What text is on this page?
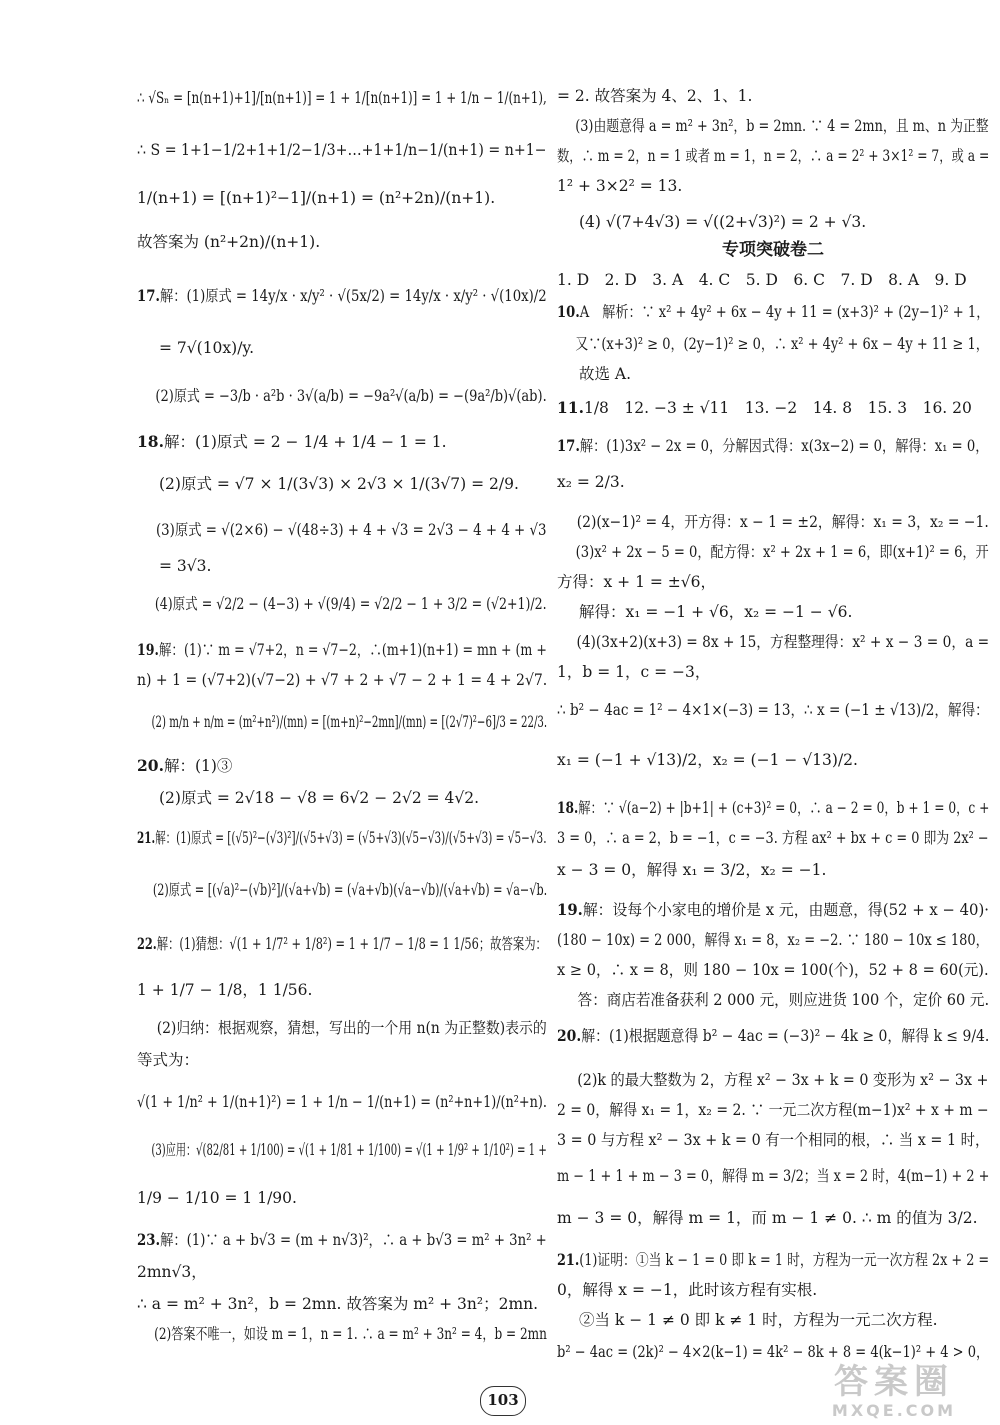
∴ √Sₙ = [n(n+1)+1]/[n(n+1)] = 1 + 1/[n(n+1)] = 1 + 1/n − 1/(n+1),
∴ S = 1+1−1/2+1+1/2−1/3+…+1+1/n−1/(n+1) = n+1−
1/(n+1) = [(n+1)²−1]/(n+1) = (n²+2n)/(n+1).
故答案为 (n²+2n)/(n+1).
17.解：(1)原式 = 14y/x · x/y² · √(5x/2) = 14y/x · x/y² · √(10x)/2
= 7√(10x)/y.
(2)原式 = −3/b · a²b · 3√(a/b) = −9a²√(a/b) = −(9a²/b)√(ab).
18.解：(1)原式 = 2 − 1/4 + 1/4 − 1 = 1.
(2)原式 = √7 × 1/(3√3) × 2√3 × 1/(3√7) = 2/9.
(3)原式 = √(2×6) − √(48÷3) + 4 + √3 = 2√3 − 4 + 4 + √3
= 3√3.
(4)原式 = √2/2 − (4−3) + √(9/4) = √2/2 − 1 + 3/2 = (√2+1)/2.
19.解：(1)∵ m = √7+2，n = √7−2，∴(m+1)(n+1) = mn + (m +
n) + 1 = (√7+2)(√7−2) + √7 + 2 + √7 − 2 + 1 = 4 + 2√7.
(2) m/n + n/m = (m²+n²)/(mn) = [(m+n)²−2mn]/(mn) = [(2√7)²−6]/3 = 22/3.
20.解：(1)③
(2)原式 = 2√18 − √8 = 6√2 − 2√2 = 4√2.
21.解：(1)原式 = [(√5)²−(√3)²]/(√5+√3) = (√5+√3)(√5−√3)/(√5+√3) = √5−√3.
(2)原式 = [(√a)²−(√b)²]/(√a+√b) = (√a+√b)(√a−√b)/(√a+√b) = √a−√b.
22.解：(1)猜想：√(1 + 1/7² + 1/8²) = 1 + 1/7 − 1/8 = 1 1/56；故答案为：
1 + 1/7 − 1/8，1 1/56.
(2)归纳：根据观察，猜想，写出的一个用 n(n 为正整数)表示的
等式为：
√(1 + 1/n² + 1/(n+1)²) = 1 + 1/n − 1/(n+1) = (n²+n+1)/(n²+n).
(3)应用：√(82/81 + 1/100) = √(1 + 1/81 + 1/100) = √(1 + 1/9² + 1/10²) = 1 +
1/9 − 1/10 = 1 1/90.
23.解：(1)∵ a + b√3 = (m + n√3)²，∴ a + b√3 = m² + 3n² +
2mn√3，
∴ a = m² + 3n²，b = 2mn. 故答案为 m² + 3n²；2mn.
(2)答案不唯一，如设 m = 1，n = 1. ∴ a = m² + 3n² = 4，b = 2mn
专项突破卷二
= 2. 故答案为 4、2、1、1.
(3)由题意得 a = m² + 3n²，b = 2mn. ∵ 4 = 2mn，且 m、n 为正整
数，∴ m = 2，n = 1 或者 m = 1，n = 2，∴ a = 2² + 3×1² = 7，或 a =
1² + 3×2² = 13.
(4) √(7+4√3) = √((2+√3)²) = 2 + √3.
1. D　2. D　3. A　4. C　5. D　6. C　7. D　8. A　9. D
10.A　解析：∵ x² + 4y² + 6x − 4y + 11 = (x+3)² + (2y−1)² + 1，
又∵(x+3)² ≥ 0，(2y−1)² ≥ 0，∴ x² + 4y² + 6x − 4y + 11 ≥ 1，
故选 A.
11.1/8　12. −3 ± √11　13. −2　14. 8　15. 3　16. 20
17.解：(1)3x² − 2x = 0，分解因式得：x(3x−2) = 0，解得：x₁ = 0，
x₂ = 2/3.
(2)(x−1)² = 4，开方得：x − 1 = ±2，解得：x₁ = 3，x₂ = −1.
(3)x² + 2x − 5 = 0，配方得：x² + 2x + 1 = 6，即(x+1)² = 6，开
方得：x + 1 = ±√6，
解得：x₁ = −1 + √6，x₂ = −1 − √6.
(4)(3x+2)(x+3) = 8x + 15，方程整理得：x² + x − 3 = 0，a =
1，b = 1，c = −3，
∴ b² − 4ac = 1² − 4×1×(−3) = 13，∴ x = (−1 ± √13)/2，解得：
x₁ = (−1 + √13)/2，x₂ = (−1 − √13)/2.
18.解：∵ √(a−2) + |b+1| + (c+3)² = 0，∴ a − 2 = 0，b + 1 = 0，c +
3 = 0，∴ a = 2，b = −1，c = −3. 方程 ax² + bx + c = 0 即为 2x² −
x − 3 = 0，解得 x₁ = 3/2，x₂ = −1.
19.解：设每个小家电的增价是 x 元，由题意，得(52 + x − 40)·
(180 − 10x) = 2 000，解得 x₁ = 8，x₂ = −2. ∵ 180 − 10x ≤ 180，
x ≥ 0，∴ x = 8，则 180 − 10x = 100(个)，52 + 8 = 60(元).
答：商店若准备获利 2 000 元，则应进货 100 个，定价 60 元.
20.解：(1)根据题意得 b² − 4ac = (−3)² − 4k ≥ 0，解得 k ≤ 9/4.
(2)k 的最大整数为 2，方程 x² − 3x + k = 0 变形为 x² − 3x +
2 = 0，解得 x₁ = 1，x₂ = 2. ∵ 一元二次方程(m−1)x² + x + m −
3 = 0 与方程 x² − 3x + k = 0 有一个相同的根，∴ 当 x = 1 时，
m − 1 + 1 + m − 3 = 0，解得 m = 3/2；当 x = 2 时，4(m−1) + 2 +
m − 3 = 0，解得 m = 1，而 m − 1 ≠ 0. ∴ m 的值为 3/2.
21.(1)证明：①当 k − 1 = 0 即 k = 1 时，方程为一元一次方程 2x + 2 =
0，解得 x = −1，此时该方程有实根.
②当 k − 1 ≠ 0 即 k ≠ 1 时，方程为一元二次方程.
b² − 4ac = (2k)² − 4×2(k−1) = 4k² − 8k + 8 = 4(k−1)² + 4 > 0，
103	答案圈
MXQE.COM
